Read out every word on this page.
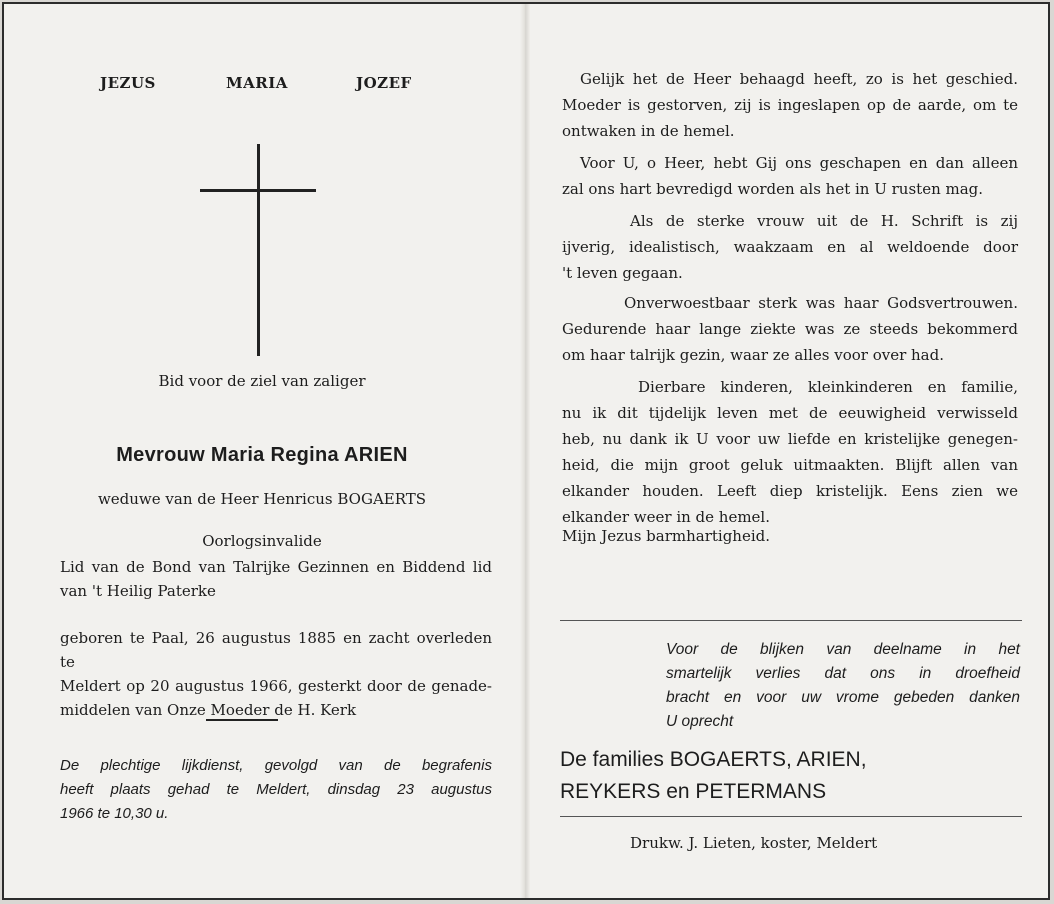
JEZUS	MARIA	JOZEF
Bid voor de ziel van zaliger
Mevrouw Maria Regina ARIEN
weduwe van de Heer Henricus BOGAERTS
Oorlogsinvalide
Lid van de Bond van Talrijke Gezinnen en Biddend lid
van 't Heilig Paterke
geboren te Paal, 26 augustus 1885 en zacht overleden te
Meldert op 20 augustus 1966, gesterkt door de genade-
middelen van Onze Moeder de H. Kerk
De plechtige lijkdienst, gevolgd van de begrafenis
heeft plaats gehad te Meldert, dinsdag 23 augustus
1966 te 10,30 u.
Gelijk het de Heer behaagd heeft, zo is het geschied.
Moeder is gestorven, zij is ingeslapen op de aarde, om te
ontwaken in de hemel.
Voor U, o Heer, hebt Gij ons geschapen en dan alleen
zal ons hart bevredigd worden als het in U rusten mag.
Als de sterke vrouw uit de H. Schrift is zij
ijverig, idealistisch, waakzaam en al weldoende door
't leven gegaan.
Onverwoestbaar sterk was haar Godsvertrouwen.
Gedurende haar lange ziekte was ze steeds bekommerd
om haar talrijk gezin, waar ze alles voor over had.
Dierbare kinderen, kleinkinderen en familie,
nu ik dit tijdelijk leven met de eeuwigheid verwisseld
heb, nu dank ik U voor uw liefde en kristelijke genegen-
heid, die mijn groot geluk uitmaakten. Blijft allen van
elkander houden. Leeft diep kristelijk. Eens zien we
elkander weer in de hemel.
Mijn Jezus barmhartigheid.
Voor de blijken van deelname in het
smartelijk verlies dat ons in droefheid
bracht en voor uw vrome gebeden danken
U oprecht
De families BOGAERTS, ARIEN,
REYKERS en PETERMANS
Drukw. J. Lieten, koster, Meldert
